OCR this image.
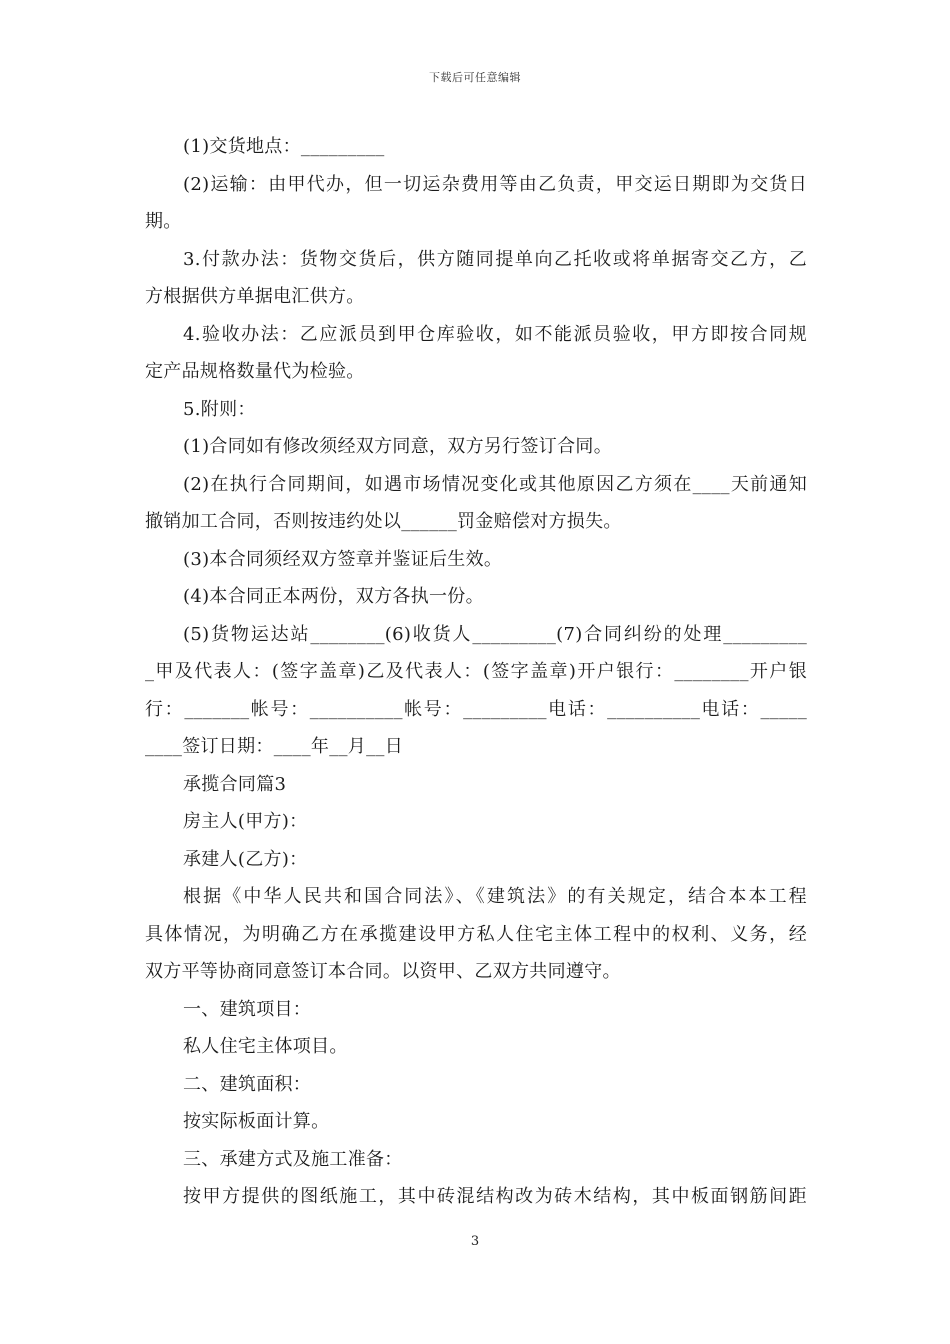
下载后可任意编辑
(1)交货地点：_________
(2)运输：由甲代办，但一切运杂费用等由乙负责，甲交运日期即为交货日
期。
3.付款办法：货物交货后，供方随同提单向乙托收或将单据寄交乙方，乙
方根据供方单据电汇供方。
4.验收办法：乙应派员到甲仓库验收，如不能派员验收，甲方即按合同规
定产品规格数量代为检验。
5.附则：
(1)合同如有修改须经双方同意，双方另行签订合同。
(2)在执行合同期间，如遇市场情况变化或其他原因乙方须在____天前通知
撤销加工合同，否则按违约处以______罚金赔偿对方损失。
(3)本合同须经双方签章并鉴证后生效。
(4)本合同正本两份，双方各执一份。
(5)货物运达站________(6)收货人_________(7)合同纠纷的处理_________
_甲及代表人：(签字盖章)乙及代表人：(签字盖章)开户银行：________开户银
行：_______帐号：__________帐号：_________电话：__________电话：_____
____签订日期：____年__月__日
承揽合同篇3
房主人(甲方)：
承建人(乙方)：
根据《中华人民共和国合同法》、《建筑法》的有关规定，结合本本工程
具体情况，为明确乙方在承揽建设甲方私人住宅主体工程中的权利、义务，经
双方平等协商同意签订本合同。以资甲、乙双方共同遵守。
一、建筑项目：
私人住宅主体项目。
二、建筑面积：
按实际板面计算。
三、承建方式及施工准备：
按甲方提供的图纸施工，其中砖混结构改为砖木结构，其中板面钢筋间距
3
